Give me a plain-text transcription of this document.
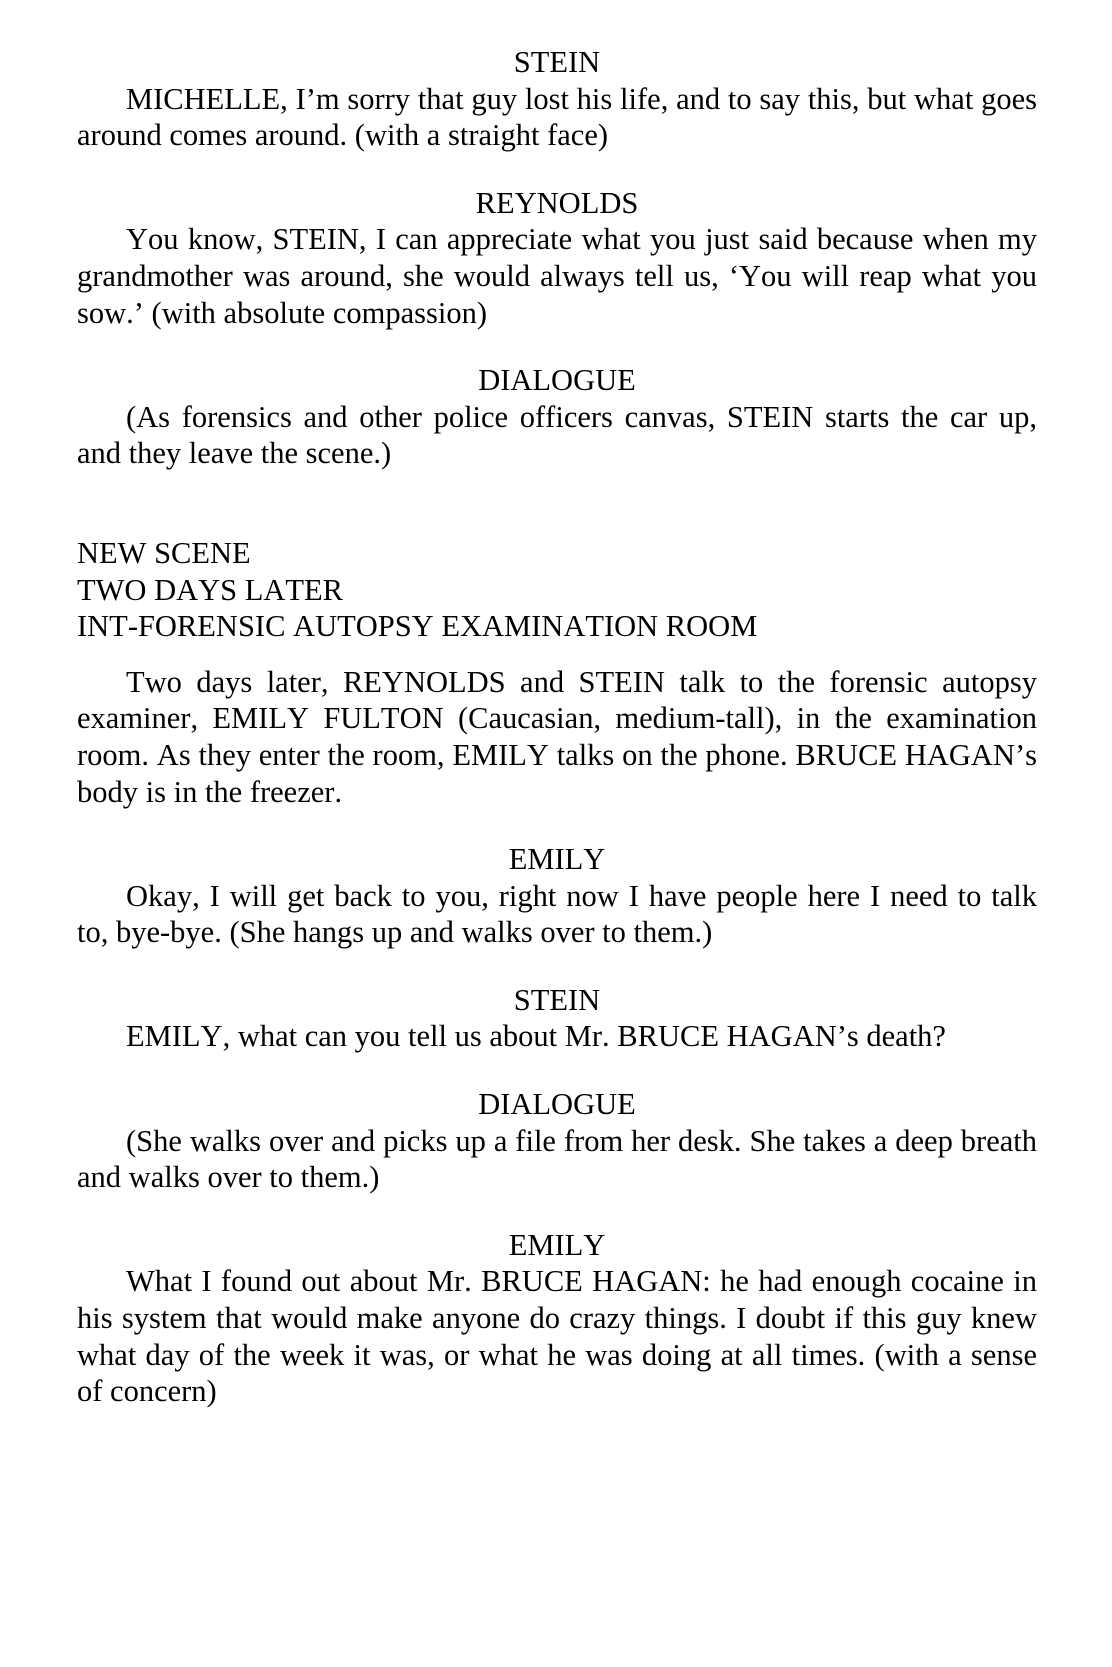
STEIN

MICHELLE, I’m sorry that guy lost his life, and to say this, but what goes around comes around. (with a straight face)

REYNOLDS

You know, STEIN, I can appreciate what you just said because when my grandmother was around, she would always tell us, ‘You will reap what you sow.’ (with absolute compassion)

DIALOGUE

(As forensics and other police officers canvas, STEIN starts the car up, and they leave the scene.)

NEW SCENE
TWO DAYS LATER
INT-FORENSIC AUTOPSY EXAMINATION ROOM

Two days later, REYNOLDS and STEIN talk to the forensic autopsy examiner, EMILY FULTON (Caucasian, medium-tall), in the examination room. As they enter the room, EMILY talks on the phone. BRUCE HAGAN’s body is in the freezer.

EMILY

Okay, I will get back to you, right now I have people here I need to talk to, bye-bye. (She hangs up and walks over to them.)

STEIN

EMILY, what can you tell us about Mr. BRUCE HAGAN’s death?

DIALOGUE

(She walks over and picks up a file from her desk. She takes a deep breath and walks over to them.)

EMILY

What I found out about Mr. BRUCE HAGAN: he had enough cocaine in his system that would make anyone do crazy things. I doubt if this guy knew what day of the week it was, or what he was doing at all times. (with a sense of concern)
